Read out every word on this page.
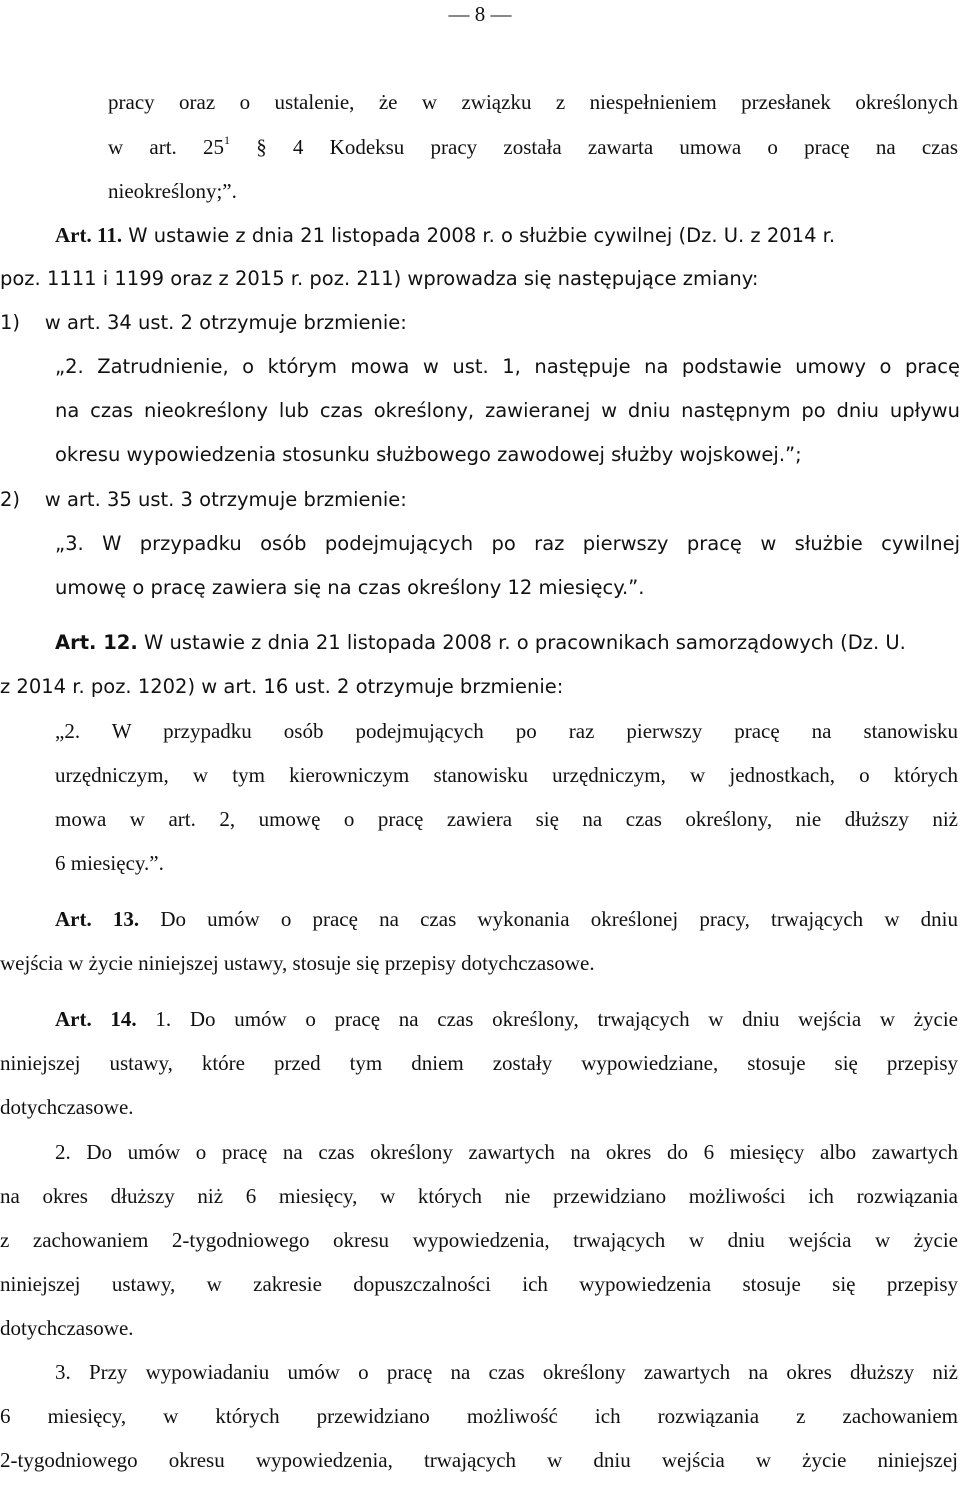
— 8 —
pracy oraz o ustalenie, że w związku z niespełnieniem przesłanek określonych
w art. $25^1$ § 4 Kodeksu pracy została zawarta umowa o pracę na czas
nieokreślony;”.
Art. 11. W ustawie z dnia 21 listopada 2008 r. o służbie cywilnej (Dz. U. z 2014 r.
poz. 1111 i 1199 oraz z 2015 r. poz. 211) wprowadza się następujące zmiany:
1)    w art. 34 ust. 2 otrzymuje brzmienie:
„2. Zatrudnienie, o którym mowa w ust. 1, następuje na podstawie umowy o pracę
na czas nieokreślony lub czas określony, zawieranej w dniu następnym po dniu upływu
okresu wypowiedzenia stosunku służbowego zawodowej służby wojskowej.”;
2)    w art. 35 ust. 3 otrzymuje brzmienie:
„3. W przypadku osób podejmujących po raz pierwszy pracę w służbie cywilnej
umowę o pracę zawiera się na czas określony 12 miesięcy.”.
Art. 12. W ustawie z dnia 21 listopada 2008 r. o pracownikach samorządowych (Dz. U.
z 2014 r. poz. 1202) w art. 16 ust. 2 otrzymuje brzmienie:
„2. W przypadku osób podejmujących po raz pierwszy pracę na stanowisku
urzędniczym, w tym kierowniczym stanowisku urzędniczym, w jednostkach, o których
mowa w art. 2, umowę o pracę zawiera się na czas określony, nie dłuższy niż
6 miesięcy.”.
Art. 13. Do umów o pracę na czas wykonania określonej pracy, trwających w dniu
wejścia w życie niniejszej ustawy, stosuje się przepisy dotychczasowe.
Art. 14. 1. Do umów o pracę na czas określony, trwających w dniu wejścia w życie
niniejszej ustawy, które przed tym dniem zostały wypowiedziane, stosuje się przepisy
dotychczasowe.
2. Do umów o pracę na czas określony zawartych na okres do 6 miesięcy albo zawartych
na okres dłuższy niż 6 miesięcy, w których nie przewidziano możliwości ich rozwiązania
z zachowaniem 2-tygodniowego okresu wypowiedzenia, trwających w dniu wejścia w życie
niniejszej ustawy, w zakresie dopuszczalności ich wypowiedzenia stosuje się przepisy
dotychczasowe.
3. Przy wypowiadaniu umów o pracę na czas określony zawartych na okres dłuższy niż
6 miesięcy, w których przewidziano możliwość ich rozwiązania z zachowaniem
2-tygodniowego okresu wypowiedzenia, trwających w dniu wejścia w życie niniejszej
